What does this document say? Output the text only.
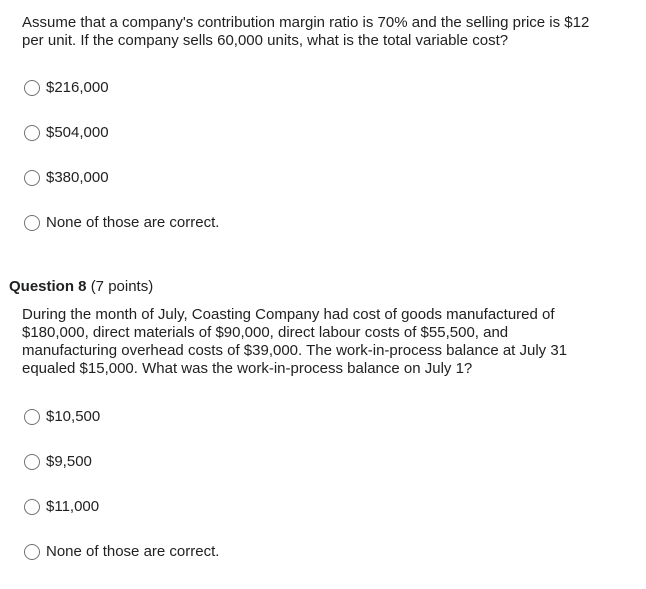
Assume that a company's contribution margin ratio is 70% and the selling price is $12 per unit. If the company sells 60,000 units, what is the total variable cost?
$216,000
$504,000
$380,000
None of those are correct.
Question 8 (7 points)
During the month of July, Coasting Company had cost of goods manufactured of $180,000, direct materials of $90,000, direct labour costs of $55,500, and manufacturing overhead costs of $39,000. The work-in-process balance at July 31 equaled $15,000. What was the work-in-process balance on July 1?
$10,500
$9,500
$11,000
None of those are correct.
